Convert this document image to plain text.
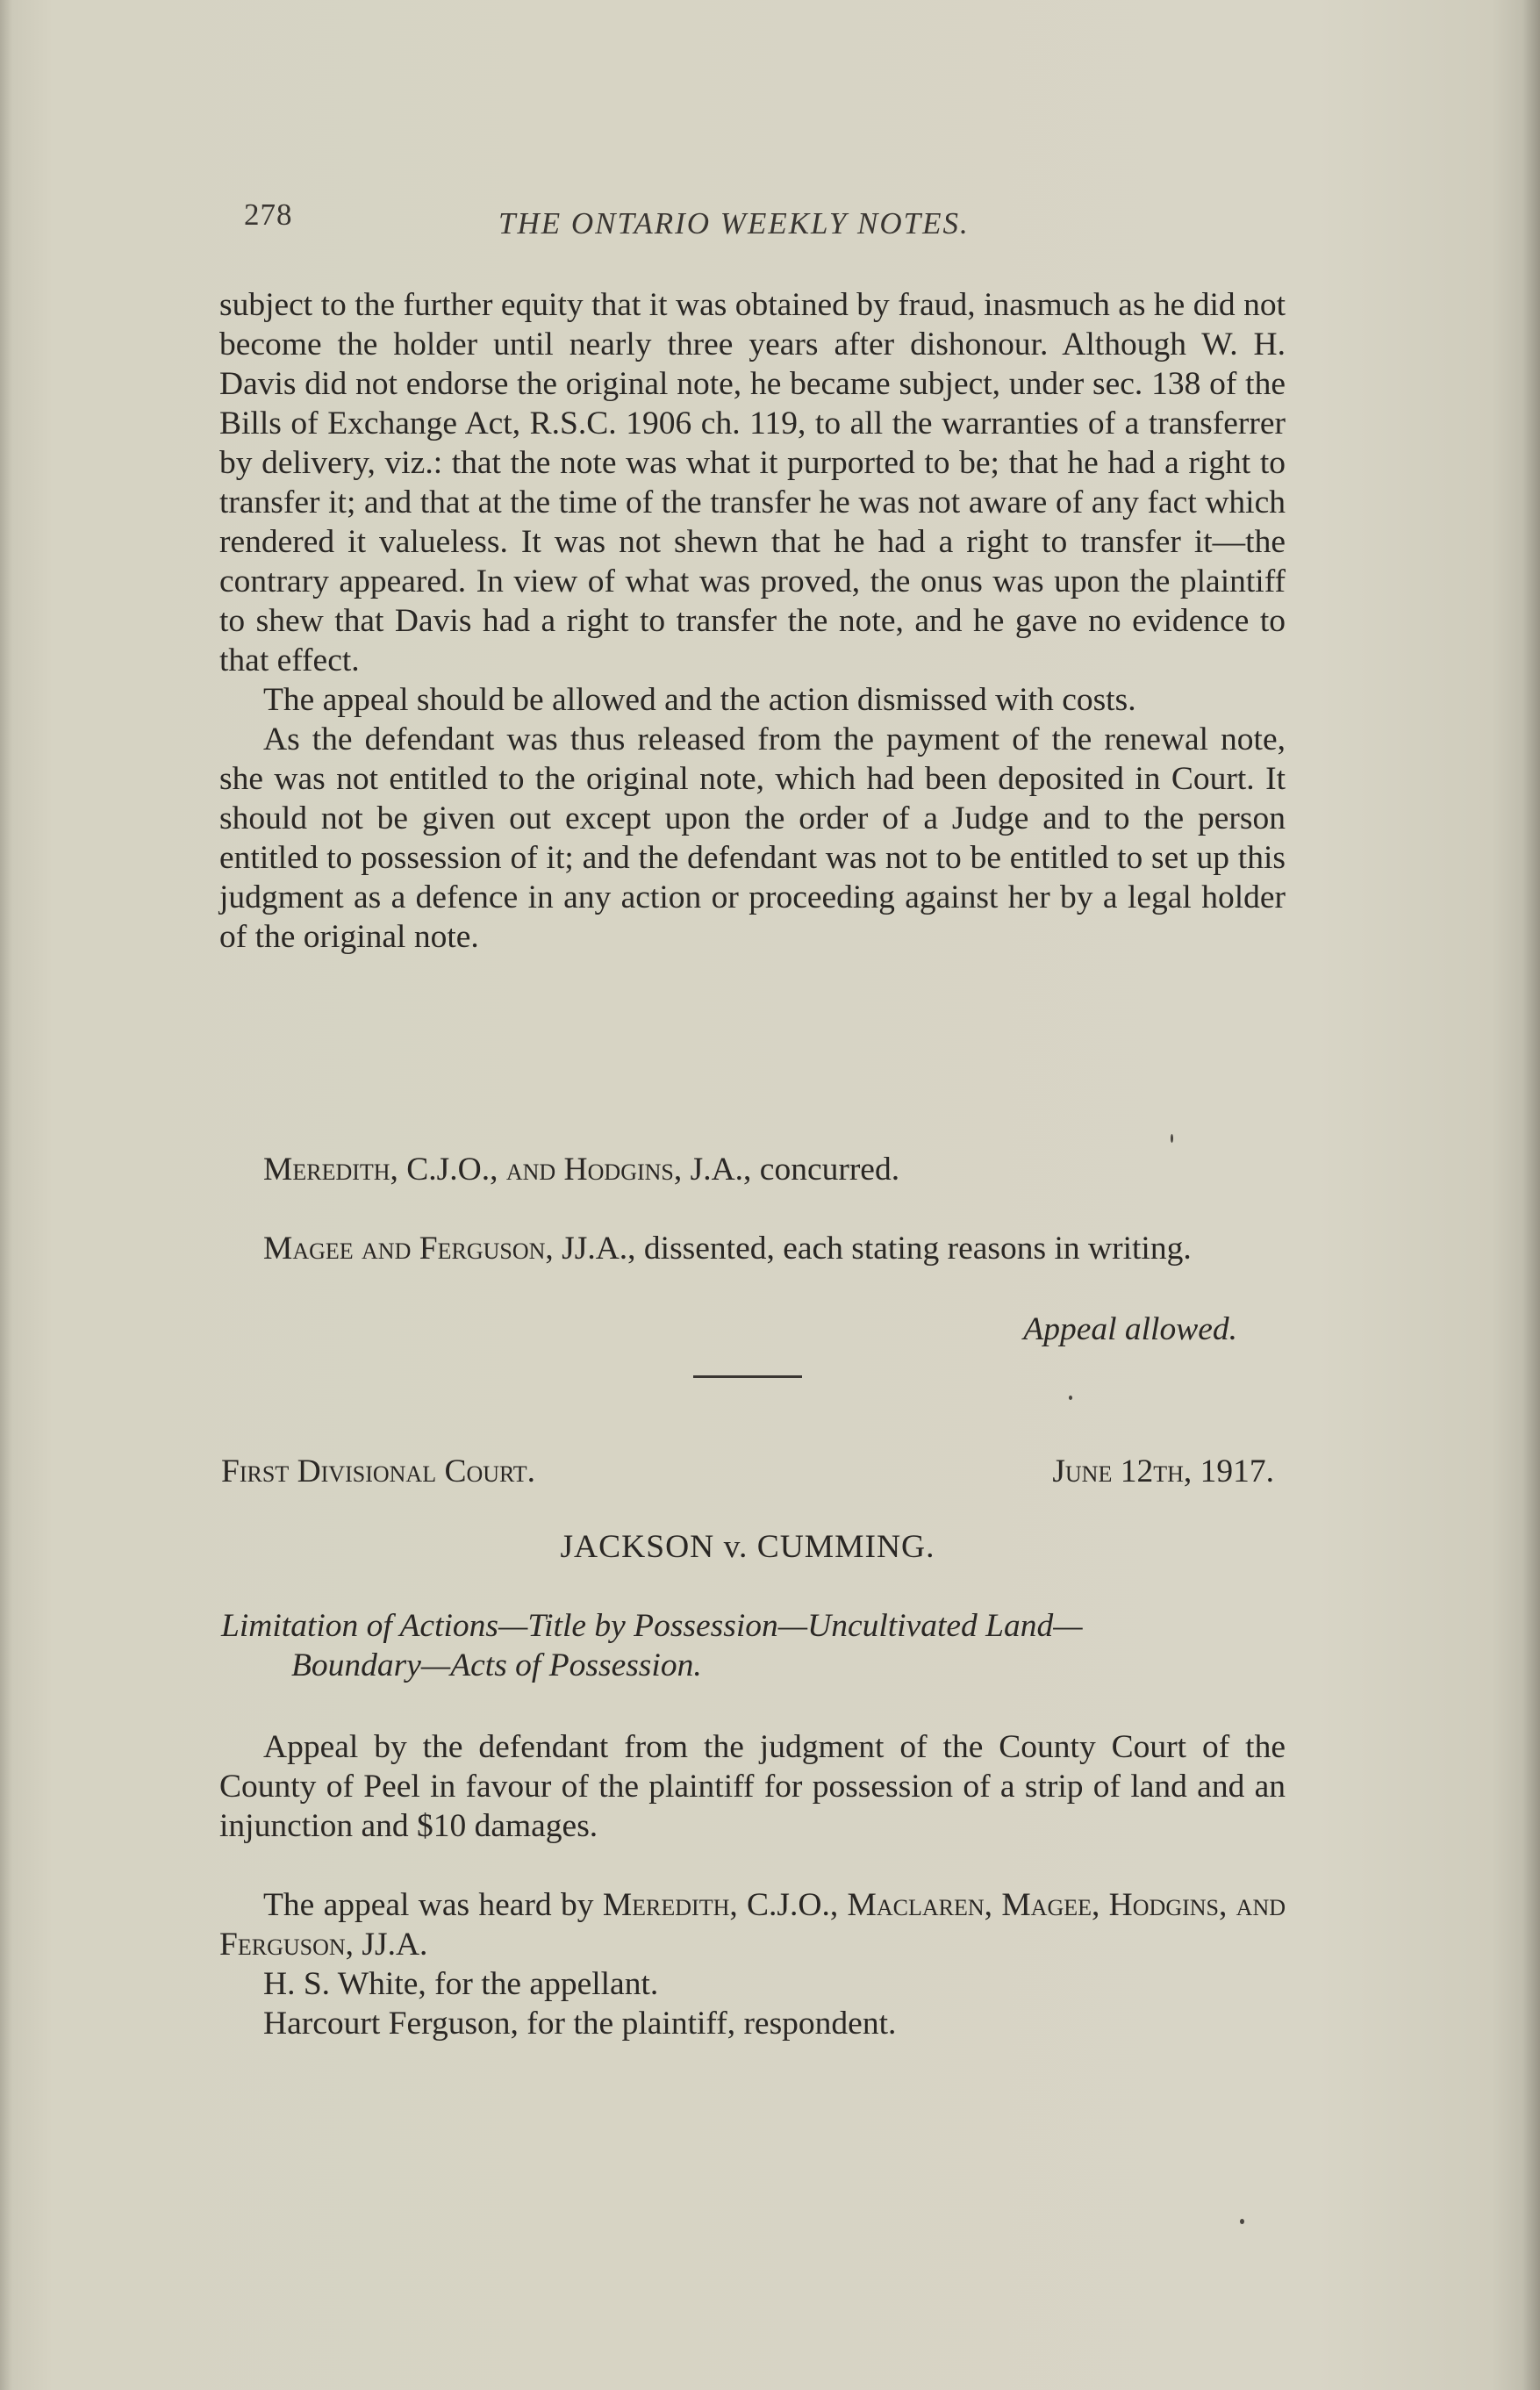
278	THE ONTARIO WEEKLY NOTES.

subject to the further equity that it was obtained by fraud, inasmuch as he did not become the holder until nearly three years after dishonour. Although W. H. Davis did not endorse the original note, he became subject, under sec. 138 of the Bills of Exchange Act, R.S.C. 1906 ch. 119, to all the warranties of a transferrer by delivery, viz.: that the note was what it purported to be; that he had a right to transfer it; and that at the time of the transfer he was not aware of any fact which rendered it valueless. It was not shewn that he had a right to transfer it—the contrary appeared. In view of what was proved, the onus was upon the plaintiff to shew that Davis had a right to transfer the note, and he gave no evidence to that effect.

The appeal should be allowed and the action dismissed with costs.

As the defendant was thus released from the payment of the renewal note, she was not entitled to the original note, which had been deposited in Court. It should not be given out except upon the order of a Judge and to the person entitled to possession of it; and the defendant was not to be entitled to set up this judgment as a defence in any action or proceeding against her by a legal holder of the original note.

Meredith, C.J.O., and Hodgins, J.A., concurred.

Magee and Ferguson, JJ.A., dissented, each stating reasons in writing.

Appeal allowed.

First Divisional Court.	June 12th, 1917.

JACKSON v. CUMMING.

Limitation of Actions—Title by Possession—Uncultivated Land—
Boundary—Acts of Possession.

Appeal by the defendant from the judgment of the County Court of the County of Peel in favour of the plaintiff for possession of a strip of land and an injunction and $10 damages.

The appeal was heard by Meredith, C.J.O., Maclaren, Magee, Hodgins, and Ferguson, JJ.A.

H. S. White, for the appellant.

Harcourt Ferguson, for the plaintiff, respondent.
